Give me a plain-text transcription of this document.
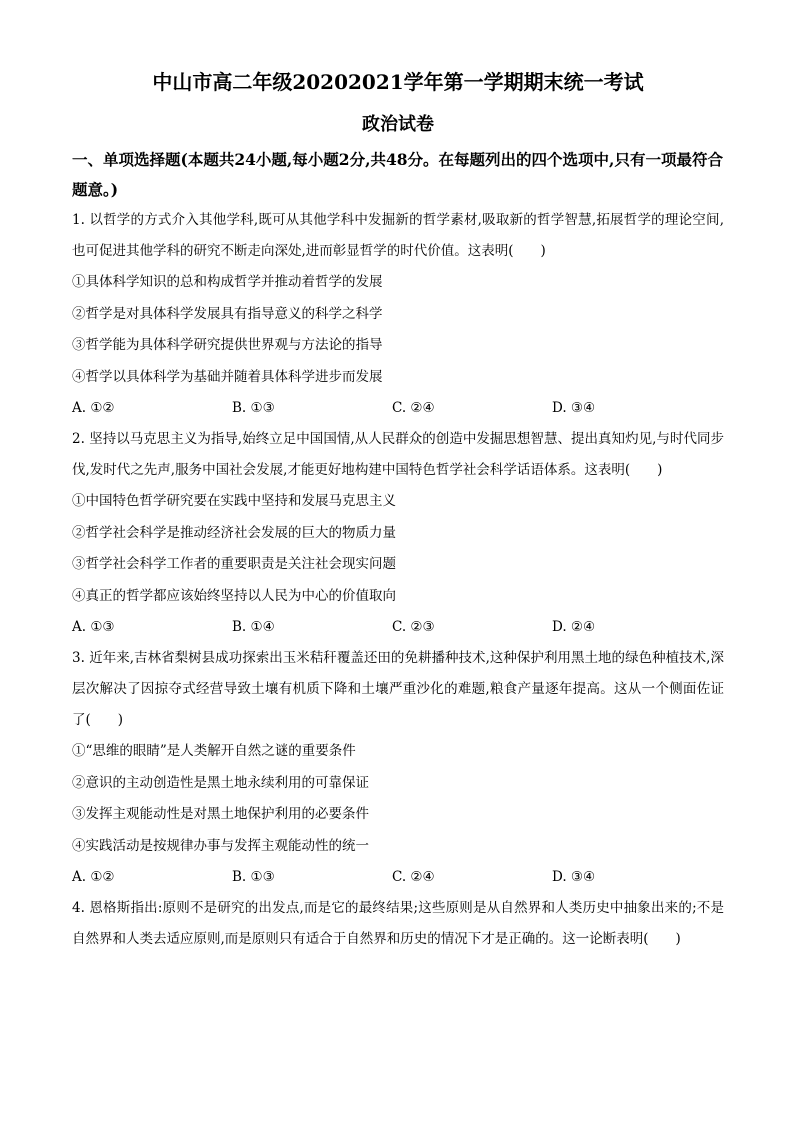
中山市高二年级20202021学年第一学期期末统一考试
政治试卷
一、单项选择题(本题共24小题,每小题2分,共48分。在每题列出的四个选项中,只有一项最符合题意。)

1. 以哲学的方式介入其他学科,既可从其他学科中发掘新的哲学素材,吸取新的哲学智慧,拓展哲学的理论空间,也可促进其他学科的研究不断走向深处,进而彰显哲学的时代价值。这表明(　　)

①具体科学知识的总和构成哲学并推动着哲学的发展

②哲学是对具体科学发展具有指导意义的科学之科学

③哲学能为具体科学研究提供世界观与方法论的指导

④哲学以具体科学为基础并随着具体科学进步而发展

A. ①②	B. ①③	C. ②④	D. ③④

2. 坚持以马克思主义为指导,始终立足中国国情,从人民群众的创造中发掘思想智慧、提出真知灼见,与时代同步伐,发时代之先声,服务中国社会发展,才能更好地构建中国特色哲学社会科学话语体系。这表明(　　)

①中国特色哲学研究要在实践中坚持和发展马克思主义

②哲学社会科学是推动经济社会发展的巨大的物质力量

③哲学社会科学工作者的重要职责是关注社会现实问题

④真正的哲学都应该始终坚持以人民为中心的价值取向

A. ①③	B. ①④	C. ②③	D. ②④

3. 近年来,吉林省梨树县成功探索出玉米秸秆覆盖还田的免耕播种技术,这种保护利用黑土地的绿色种植技术,深层次解决了因掠夺式经营导致土壤有机质下降和土壤严重沙化的难题,粮食产量逐年提高。这从一个侧面佐证了(　　)

①“思维的眼睛”是人类解开自然之谜的重要条件

②意识的主动创造性是黑土地永续利用的可靠保证

③发挥主观能动性是对黑土地保护利用的必要条件

④实践活动是按规律办事与发挥主观能动性的统一

A. ①②	B. ①③	C. ②④	D. ③④

4. 恩格斯指出:原则不是研究的出发点,而是它的最终结果;这些原则是从自然界和人类历史中抽象出来的;不是自然界和人类去适应原则,而是原则只有适合于自然界和历史的情况下才是正确的。这一论断表明(　　)
